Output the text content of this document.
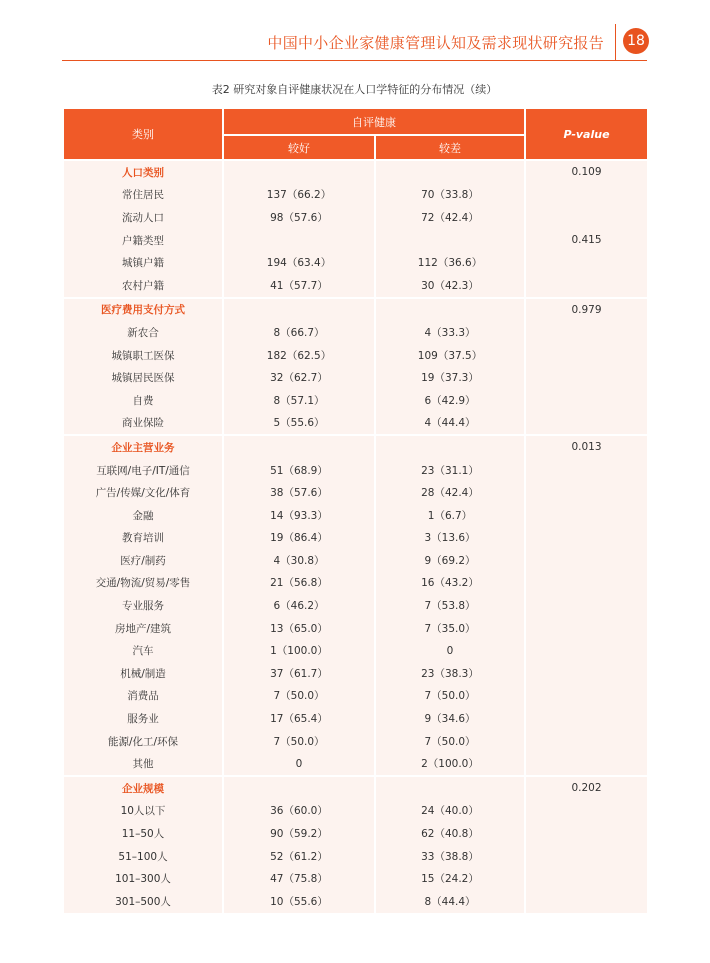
中国中小企业家健康管理认知及需求现状研究报告 18
表2 研究对象自评健康状况在人口学特征的分布情况（续）
类别	自评健康		P-value
	较好	较差	
人口类别			0.109
常住居民	137（66.2）	70（33.8）	
流动人口	98（57.6）	72（42.4）	
户籍类型			0.415
城镇户籍	194（63.4）	112（36.6）	
农村户籍	41（57.7）	30（42.3）	
医疗费用支付方式			0.979
新农合	8（66.7）	4（33.3）	
城镇职工医保	182（62.5）	109（37.5）	
城镇居民医保	32（62.7）	19（37.3）	
自费	8（57.1）	6（42.9）	
商业保险	5（55.6）	4（44.4）	
企业主营业务			0.013
互联网/电子/IT/通信	51（68.9）	23（31.1）	
广告/传媒/文化/体育	38（57.6）	28（42.4）	
金融	14（93.3）	1（6.7）	
教育培训	19（86.4）	3（13.6）	
医疗/制药	4（30.8）	9（69.2）	
交通/物流/贸易/零售	21（56.8）	16（43.2）	
专业服务	6（46.2）	7（53.8）	
房地产/建筑	13（65.0）	7（35.0）	
汽车	1（100.0）	0	
机械/制造	37（61.7）	23（38.3）	
消费品	7（50.0）	7（50.0）	
服务业	17（65.4）	9（34.6）	
能源/化工/环保	7（50.0）	7（50.0）	
其他	0	2（100.0）	
企业规模			0.202
10人以下	36（60.0）	24（40.0）	
11–50人	90（59.2）	62（40.8）	
51–100人	52（61.2）	33（38.8）	
101–300人	47（75.8）	15（24.2）	
301–500人	10（55.6）	8（44.4）	
